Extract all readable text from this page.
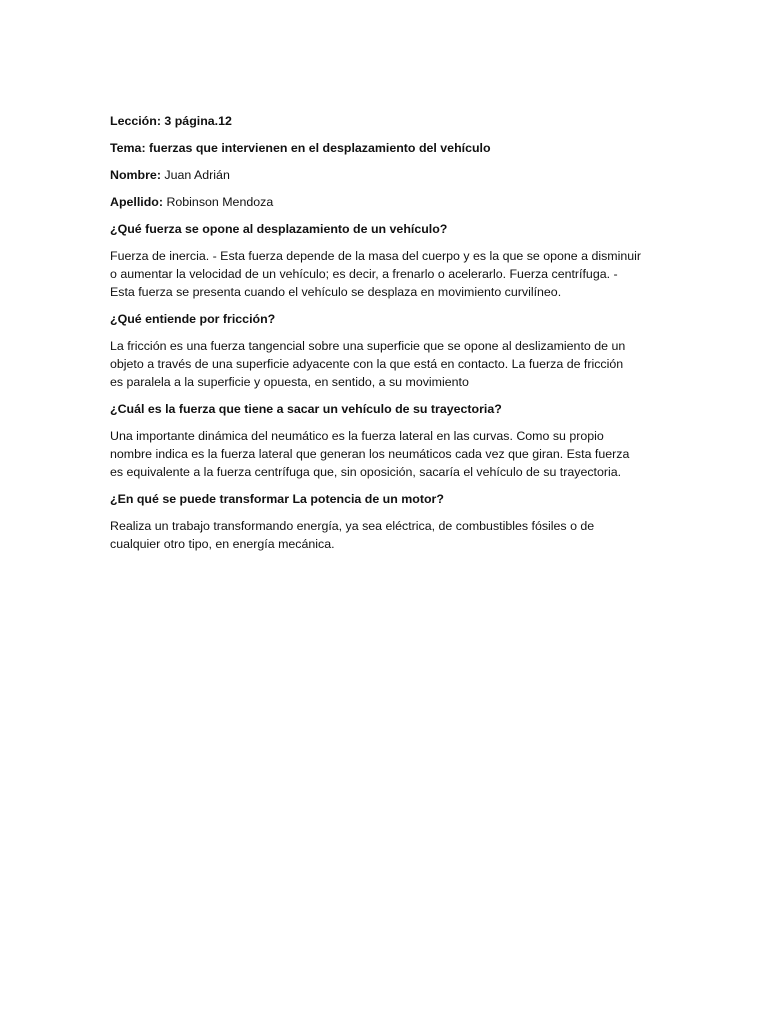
Lección: 3 página.12
Tema: fuerzas que intervienen en el desplazamiento del vehículo
Nombre: Juan Adrián
Apellido: Robinson Mendoza
¿Qué fuerza se opone al desplazamiento de un vehículo?
Fuerza de inercia. - Esta fuerza depende de la masa del cuerpo y es la que se opone a disminuir
o aumentar la velocidad de un vehículo; es decir, a frenarlo o acelerarlo. Fuerza centrífuga. -
Esta fuerza se presenta cuando el vehículo se desplaza en movimiento curvilíneo.
¿Qué entiende por fricción?
La fricción es una fuerza tangencial sobre una superficie que se opone al deslizamiento de un
objeto a través de una superficie adyacente con la que está en contacto. La fuerza de fricción
es paralela a la superficie y opuesta, en sentido, a su movimiento
¿Cuál es la fuerza que tiene a sacar un vehículo de su trayectoria?
Una importante dinámica del neumático es la fuerza lateral en las curvas. Como su propio
nombre indica es la fuerza lateral que generan los neumáticos cada vez que giran. Esta fuerza
es equivalente a la fuerza centrífuga que, sin oposición, sacaría el vehículo de su trayectoria.
¿En qué se puede transformar La potencia de un motor?
Realiza un trabajo transformando energía, ya sea eléctrica, de combustibles fósiles o de
cualquier otro tipo, en energía mecánica.
